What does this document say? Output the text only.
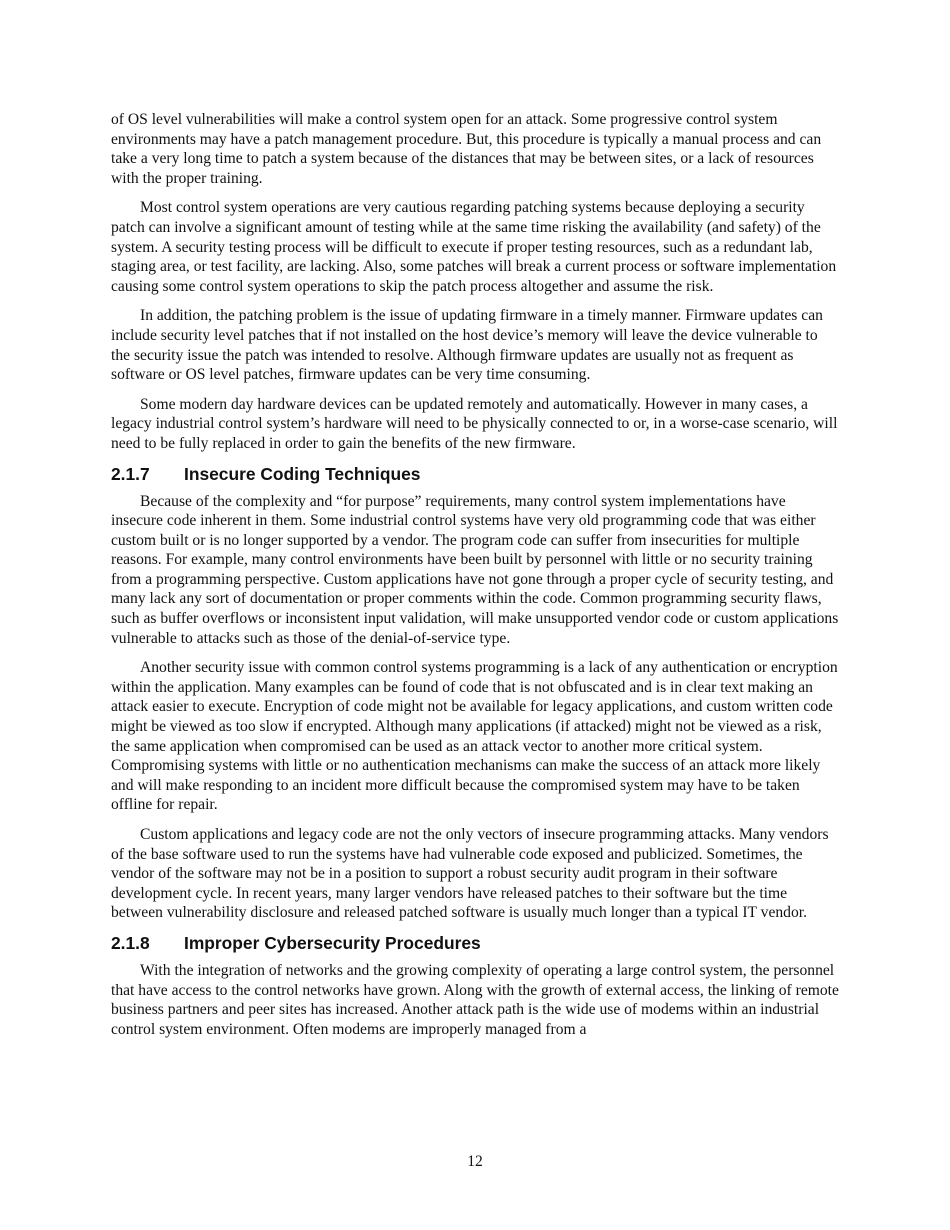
of OS level vulnerabilities will make a control system open for an attack. Some progressive control system environments may have a patch management procedure. But, this procedure is typically a manual process and can take a very long time to patch a system because of the distances that may be between sites, or a lack of resources with the proper training.

Most control system operations are very cautious regarding patching systems because deploying a security patch can involve a significant amount of testing while at the same time risking the availability (and safety) of the system. A security testing process will be difficult to execute if proper testing resources, such as a redundant lab, staging area, or test facility, are lacking. Also, some patches will break a current process or software implementation causing some control system operations to skip the patch process altogether and assume the risk.

In addition, the patching problem is the issue of updating firmware in a timely manner. Firmware updates can include security level patches that if not installed on the host device’s memory will leave the device vulnerable to the security issue the patch was intended to resolve. Although firmware updates are usually not as frequent as software or OS level patches, firmware updates can be very time consuming.

Some modern day hardware devices can be updated remotely and automatically. However in many cases, a legacy industrial control system’s hardware will need to be physically connected to or, in a worse-case scenario, will need to be fully replaced in order to gain the benefits of the new firmware.

2.1.7	Insecure Coding Techniques

Because of the complexity and “for purpose” requirements, many control system implementations have insecure code inherent in them. Some industrial control systems have very old programming code that was either custom built or is no longer supported by a vendor. The program code can suffer from insecurities for multiple reasons. For example, many control environments have been built by personnel with little or no security training from a programming perspective. Custom applications have not gone through a proper cycle of security testing, and many lack any sort of documentation or proper comments within the code. Common programming security flaws, such as buffer overflows or inconsistent input validation, will make unsupported vendor code or custom applications vulnerable to attacks such as those of the denial-of-service type.

Another security issue with common control systems programming is a lack of any authentication or encryption within the application. Many examples can be found of code that is not obfuscated and is in clear text making an attack easier to execute. Encryption of code might not be available for legacy applications, and custom written code might be viewed as too slow if encrypted. Although many applications (if attacked) might not be viewed as a risk, the same application when compromised can be used as an attack vector to another more critical system. Compromising systems with little or no authentication mechanisms can make the success of an attack more likely and will make responding to an incident more difficult because the compromised system may have to be taken offline for repair.

Custom applications and legacy code are not the only vectors of insecure programming attacks. Many vendors of the base software used to run the systems have had vulnerable code exposed and publicized. Sometimes, the vendor of the software may not be in a position to support a robust security audit program in their software development cycle. In recent years, many larger vendors have released patches to their software but the time between vulnerability disclosure and released patched software is usually much longer than a typical IT vendor.

2.1.8	Improper Cybersecurity Procedures

With the integration of networks and the growing complexity of operating a large control system, the personnel that have access to the control networks have grown. Along with the growth of external access, the linking of remote business partners and peer sites has increased. Another attack path is the wide use of modems within an industrial control system environment. Often modems are improperly managed from a

12
